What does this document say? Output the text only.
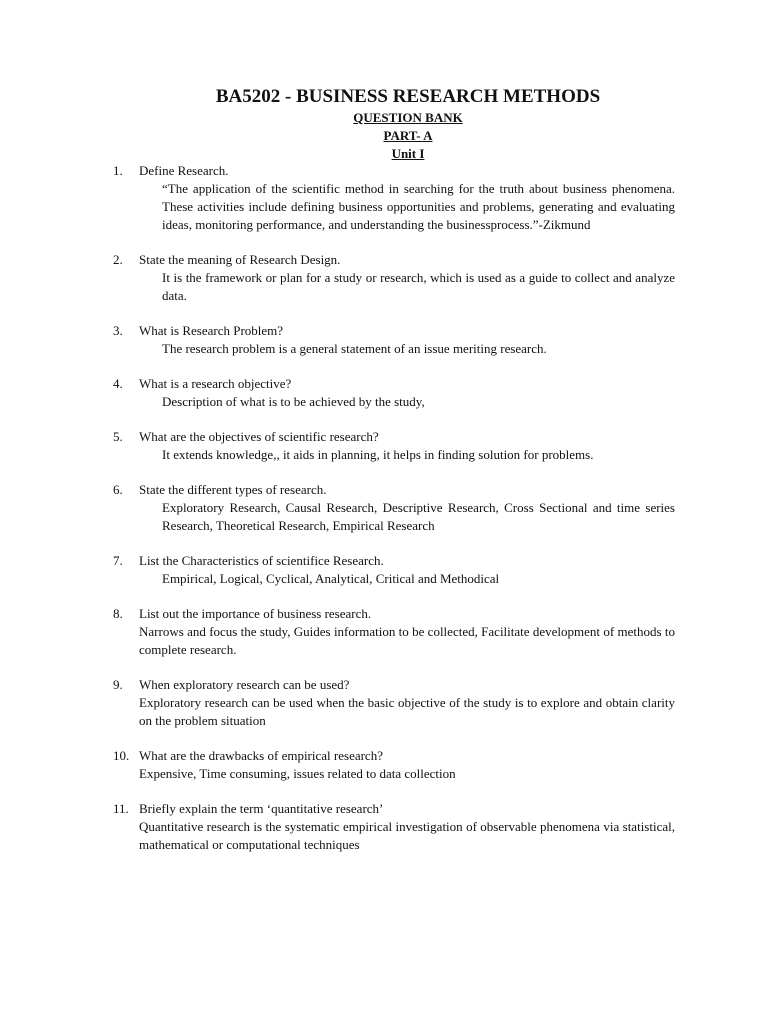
BA5202 - BUSINESS RESEARCH METHODS
QUESTION BANK
PART- A
Unit I
1. Define Research.
“The application of the scientific method in searching for the truth about business phenomena. These activities include defining business opportunities and problems, generating and evaluating ideas, monitoring performance, and understanding the businessprocess.”-Zikmund
2. State the meaning of Research Design.
It is the framework or plan for a study or research, which is used as a guide to collect and analyze data.
3. What is Research Problem?
The research problem is a general statement of an issue meriting research.
4. What is a research objective?
Description of what is to be achieved by the study,
5. What are the objectives of scientific research?
It extends knowledge,, it aids in planning, it helps in finding solution for problems.
6. State the different types of research.
Exploratory Research, Causal Research, Descriptive Research, Cross Sectional and time series Research, Theoretical Research, Empirical Research
7. List the Characteristics of scientifice Research.
Empirical, Logical, Cyclical, Analytical, Critical and Methodical
8. List out the importance of business research.
Narrows and focus the study, Guides information to be collected, Facilitate development of methods to complete research.
9. When exploratory research can be used?
Exploratory research can be used when the basic objective of the study is to explore and obtain clarity on the problem situation
10. What are the drawbacks of empirical research?
Expensive, Time consuming, issues related to data collection
11. Briefly explain the term ‘quantitative research’
Quantitative research is the systematic empirical investigation of observable phenomena via statistical, mathematical or computational techniques
